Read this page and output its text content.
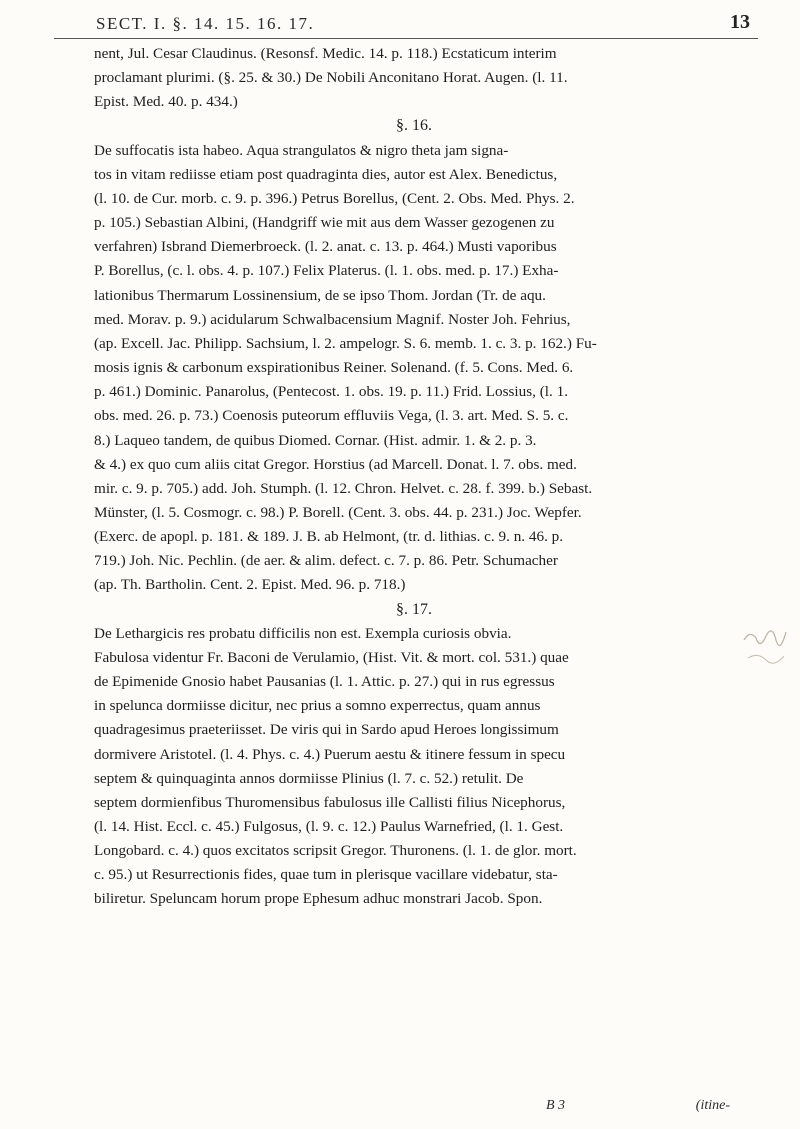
SECT. I. §. 14. 15. 16. 17.	13

nent, Jul. Cesar Claudinus. (Resonsf. Medic. 14. p. 118.) Ecstaticum interim

proclamant plurimi. (§. 25. & 30.) De Nobili Anconitano Horat. Augen. (l. 11.

Epist. Med. 40. p. 434.)

§. 16.

De suffocatis ista habeo. Aqua strangulatos & nigro theta jam signa-

tos in vitam rediisse etiam post quadraginta dies, autor est Alex. Benedictus,

(l. 10. de Cur. morb. c. 9. p. 396.) Petrus Borellus, (Cent. 2. Obs. Med. Phys. 2.

p. 105.) Sebastian Albini, (Handgriff wie mit aus dem Wasser gezogenen zu

verfahren) Isbrand Diemerbroeck. (l. 2. anat. c. 13. p. 464.) Musti vaporibus

P. Borellus, (c. l. obs. 4. p. 107.) Felix Platerus. (l. 1. obs. med. p. 17.) Exha-

lationibus Thermarum Lossinensium, de se ipso Thom. Jordan (Tr. de aqu.

med. Morav. p. 9.) acidularum Schwalbacensium Magnif. Noster Joh. Fehrius,

(ap. Excell. Jac. Philipp. Sachsium, l. 2. ampelogr. S. 6. memb. 1. c. 3. p. 162.) Fu-

mosis ignis & carbonum exspirationibus Reiner. Solenand. (f. 5. Cons. Med. 6.

p. 461.) Dominic. Panarolus, (Pentecost. 1. obs. 19. p. 11.) Frid. Lossius, (l. 1.

obs. med. 26. p. 73.) Coenosis puteorum effluviis Vega, (l. 3. art. Med. S. 5. c.

8.) Laqueo tandem, de quibus Diomed. Cornar. (Hist. admir. 1. & 2. p. 3.

& 4.) ex quo cum aliis citat Gregor. Horstius (ad Marcell. Donat. l. 7. obs. med.

mir. c. 9. p. 705.) add. Joh. Stumph. (l. 12. Chron. Helvet. c. 28. f. 399. b.) Sebast.

Münster, (l. 5. Cosmogr. c. 98.) P. Borell. (Cent. 3. obs. 44. p. 231.) Joc. Wepfer.

(Exerc. de apopl. p. 181. & 189. J. B. ab Helmont, (tr. d. lithias. c. 9. n. 46. p.

719.) Joh. Nic. Pechlin. (de aer. & alim. defect. c. 7. p. 86. Petr. Schumacher

(ap. Th. Bartholin. Cent. 2. Epist. Med. 96. p. 718.)

§. 17.

De Lethargicis res probatu difficilis non est. Exempla curiosis obvia.

Fabulosa videntur Fr. Baconi de Verulamio, (Hist. Vit. & mort. col. 531.) quae

de Epimenide Gnosio habet Pausanias (l. 1. Attic. p. 27.) qui in rus egressus

in speluncа dormiisse dicitur, nec prius a somno experrectus, quam annus

quadragesimus praeteriisset. De viris qui in Sardo apud Heroes longissimum

dormivere Aristotel. (l. 4. Phys. c. 4.) Puerum aestu & itinere fessum in specu

septem & quinquaginta annos dormiisse Plinius (l. 7. c. 52.) retulit. De

septem dormienfibus Thuromensibus fabulosus ille Callisti filius Nicephorus,

(l. 14. Hist. Eccl. c. 45.) Fulgosus, (l. 9. c. 12.) Paulus Warnefried, (l. 1. Gest.

Longobard. c. 4.) quos excitatos scripsit Gregor. Thuronens. (l. 1. de glor. mort.

c. 95.) ut Resurrectionis fides, quae tum in plerisque vacillare videbatur, sta-

biliretur. Speluncam horum prope Ephesum adhuc monstrari Jacob. Spon.

B 3	(itine-
